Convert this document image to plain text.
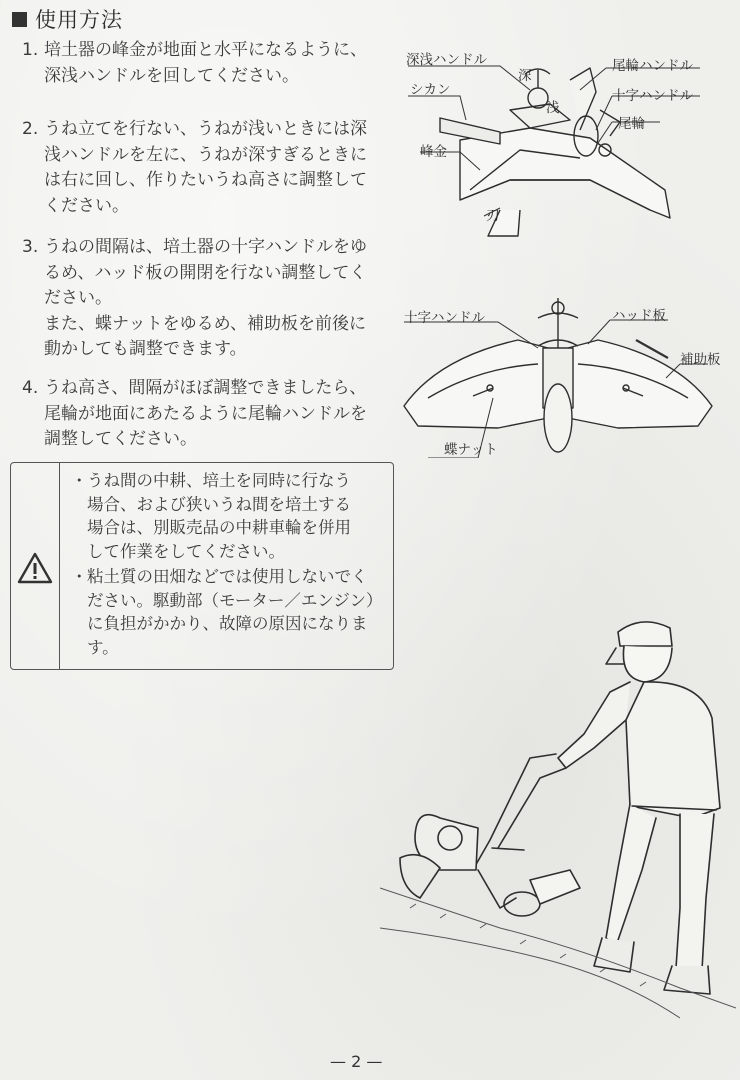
使用方法
1. 培土器の峰金が地面と水平になるように、

深浅ハンドルを回してください。

2. うね立てを行ない、うねが浅いときには深

浅ハンドルを左に、うねが深すぎるときに

は右に回し、作りたいうね高さに調整して

ください。

3. うねの間隔は、培土器の十字ハンドルをゆ

るめ、ハッド板の開閉を行ない調整してく

ださい。

また、蝶ナットをゆるめ、補助板を前後に

動かしても調整できます。

4. うね高さ、間隔がほぼ調整できましたら、

尾輪が地面にあたるように尾輪ハンドルを

調整してください。

・ うね間の中耕、培土を同時に行なう
場合、および狭いうね間を培土する
場合は、別販売品の中耕車輪を併用
して作業をしてください。
・ 粘土質の田畑などでは使用しないでく
ださい。駆動部（モーター／エンジン）
に負担がかかり、故障の原因になりま
す。
深浅ハンドル
深
浅
シカン
尾輪ハンドル
十字ハンドル
尾輪
峰金
刃
十字ハンドル	ハッド板
補助板
蝶ナット
— 2 —
